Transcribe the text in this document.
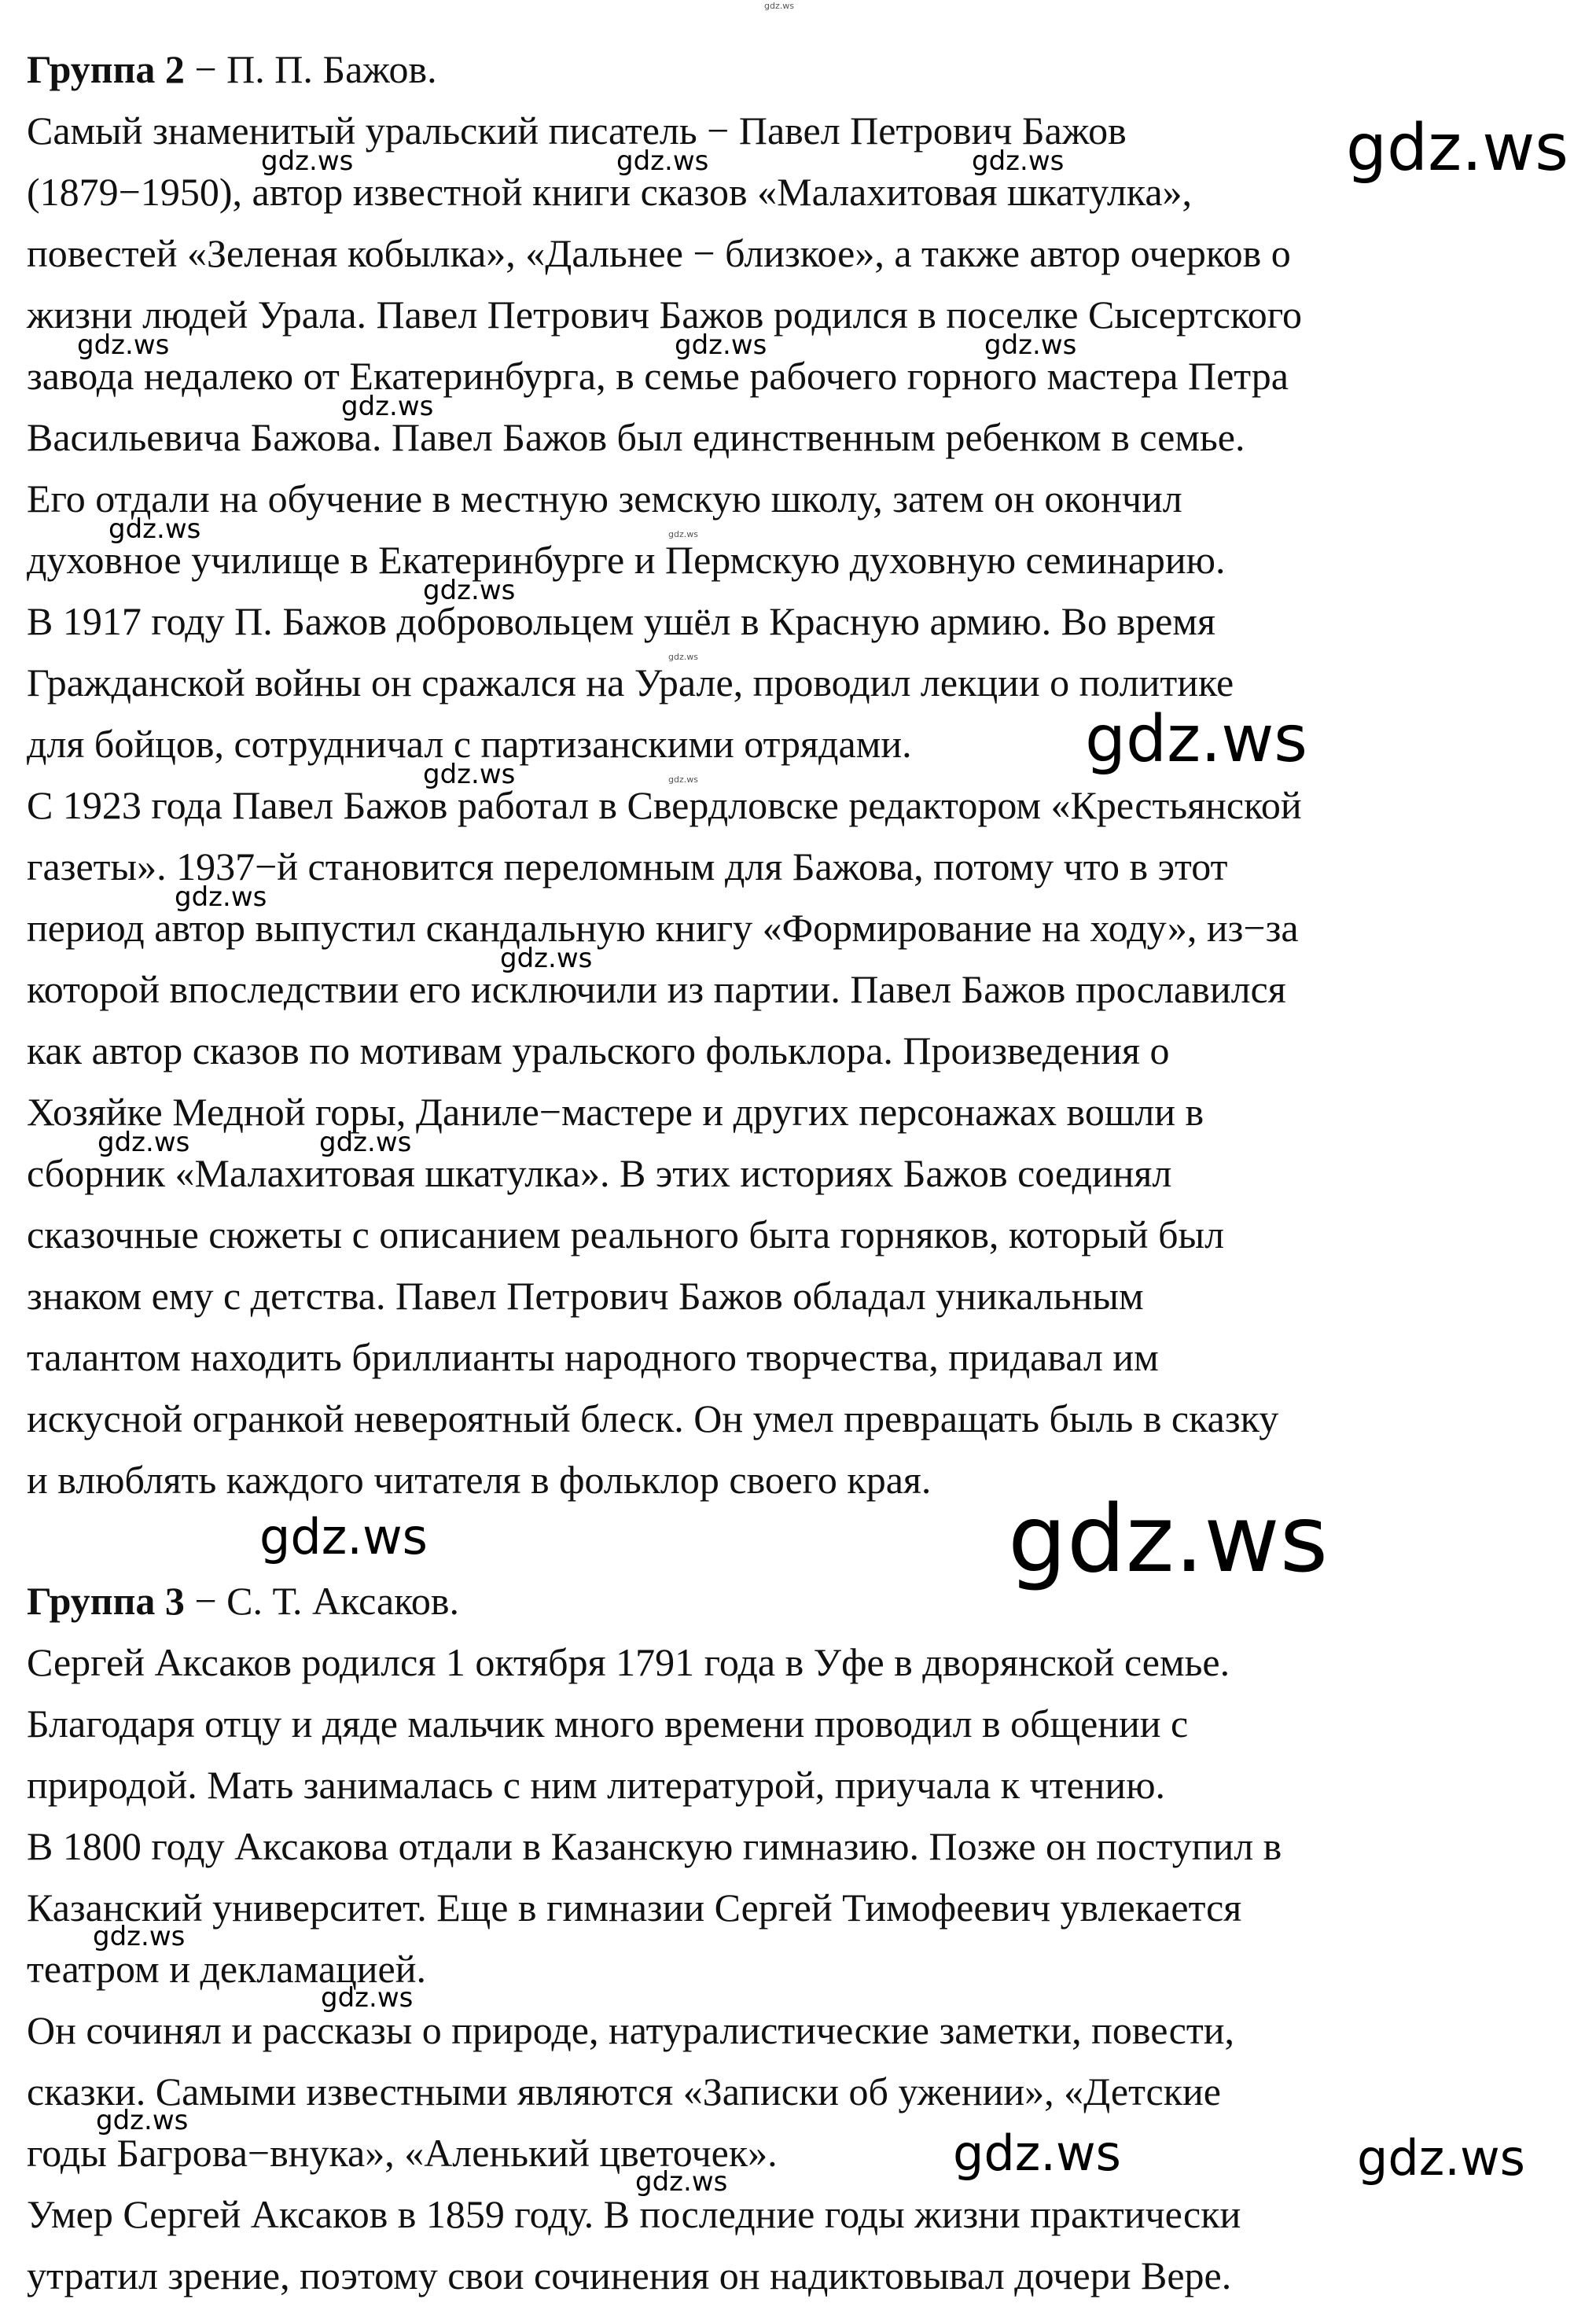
Группа 2 − П. П. Бажов.

Самый знаменитый уральский писатель − Павел Петрович Бажов

(1879−1950), автор известной книги сказов «Малахитовая шкатулка»,

повестей «Зеленая кобылка», «Дальнее − близкое», а также автор очерков о

жизни людей Урала. Павел Петрович Бажов родился в поселке Сысертского

завода недалеко от Екатеринбурга, в семье рабочего горного мастера Петра

Васильевича Бажова. Павел Бажов был единственным ребенком в семье.

Его отдали на обучение в местную земскую школу, затем он окончил

духовное училище в Екатеринбурге и Пермскую духовную семинарию.

В 1917 году П. Бажов добровольцем ушёл в Красную армию. Во время

Гражданской войны он сражался на Урале, проводил лекции о политике

для бойцов, сотрудничал с партизанскими отрядами.

С 1923 года Павел Бажов работал в Свердловске редактором «Крестьянской

газеты». 1937−й становится переломным для Бажова, потому что в этот

период автор выпустил скандальную книгу «Формирование на ходу», из−за

которой впоследствии его исключили из партии. Павел Бажов прославился

как автор сказов по мотивам уральского фольклора. Произведения о

Хозяйке Медной горы, Даниле−мастере и других персонажах вошли в

сборник «Малахитовая шкатулка». В этих историях Бажов соединял

сказочные сюжеты с описанием реального быта горняков, который был

знаком ему с детства. Павел Петрович Бажов обладал уникальным

талантом находить бриллианты народного творчества, придавал им

искусной огранкой невероятный блеск. Он умел превращать быль в сказку

и влюблять каждого читателя в фольклор своего края.

Группа 3 − С. Т. Аксаков.

Сергей Аксаков родился 1 октября 1791 года в Уфе в дворянской семье.

Благодаря отцу и дяде мальчик много времени проводил в общении с

природой. Мать занималась с ним литературой, приучала к чтению.

В 1800 году Аксакова отдали в Казанскую гимназию. Позже он поступил в

Казанский университет. Еще в гимназии Сергей Тимофеевич увлекается

театром и декламацией.

Он сочинял и рассказы о природе, натуралистические заметки, повести,

сказки. Самыми известными являются «Записки об ужении», «Детские

годы Багрова−внука», «Аленький цветочек».

Умер Сергей Аксаков в 1859 году. В последние годы жизни практически

утратил зрение, поэтому свои сочинения он надиктовывал дочери Вере.

gdz.ws
gdz.ws
gdz.ws	gdz.ws	gdz.ws
gdz.ws	gdz.ws	gdz.ws
gdz.ws
gdz.ws	gdz.ws
gdz.ws
gdz.ws
gdz.ws
gdz.ws	gdz.ws
gdz.ws
gdz.ws
gdz.ws	gdz.ws
gdz.ws	gdz.ws
gdz.ws
gdz.ws
gdz.ws
gdz.ws	gdz.ws
gdz.ws
